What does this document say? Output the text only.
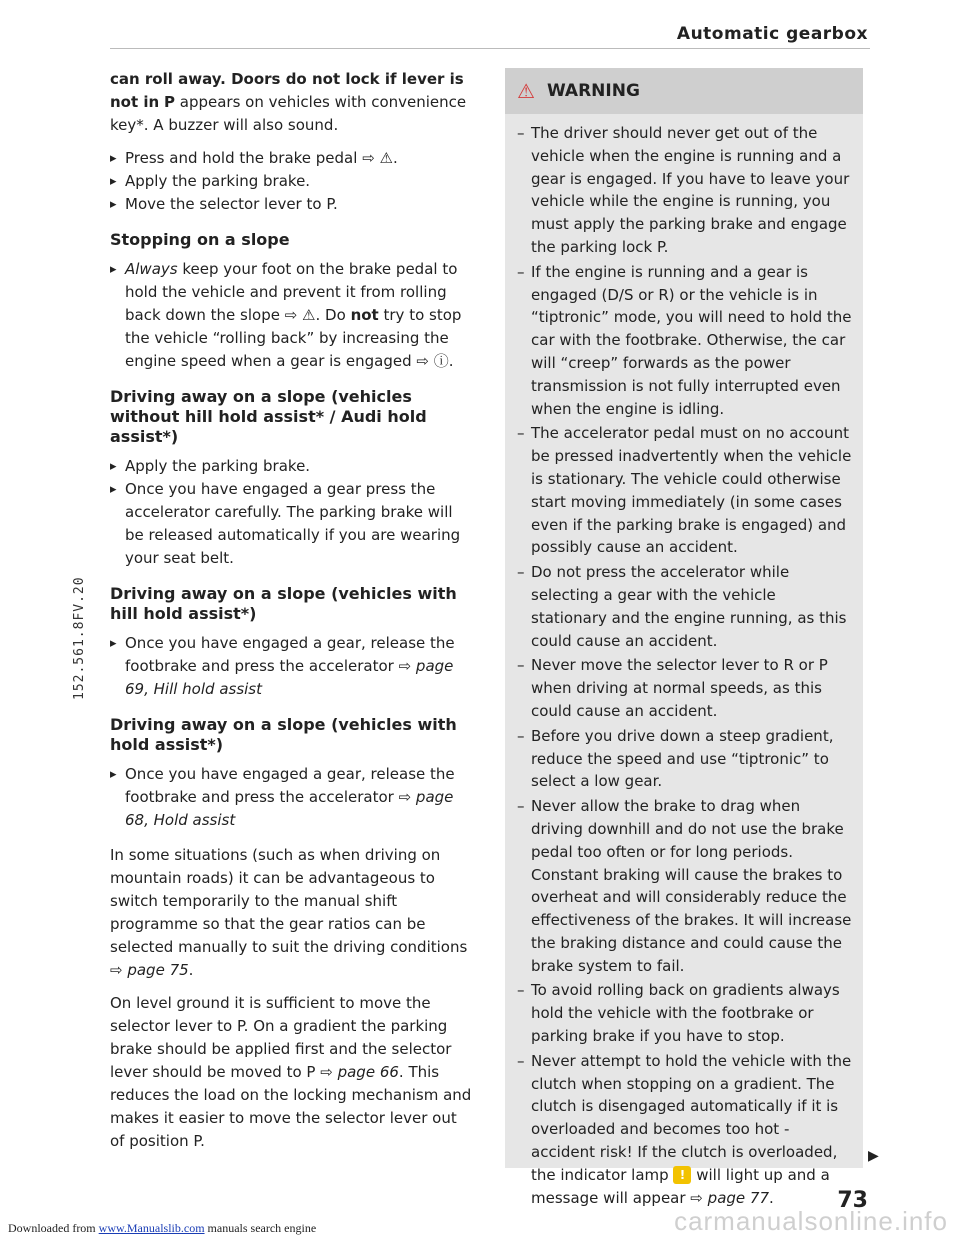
Automatic gearbox
152.561.8FV.20

can roll away. Doors do not lock if lever is not in P appears on vehicles with convenience key*. A buzzer will also sound.

▸ Press and hold the brake pedal ⇨ ⚠.
▸ Apply the parking brake.
▸ Move the selector lever to P.
Stopping on a slope
▸ Always keep your foot on the brake pedal to hold the vehicle and prevent it from rolling back down the slope ⇨ ⚠. Do not try to stop the vehicle “rolling back” by increasing the engine speed when a gear is engaged ⇨ ⓘ.
Driving away on a slope (vehicles without hill hold assist* / Audi hold assist*)
▸ Apply the parking brake.
▸ Once you have engaged a gear press the accelerator carefully. The parking brake will be released automatically if you are wearing your seat belt.
Driving away on a slope (vehicles with hill hold assist*)
▸ Once you have engaged a gear, release the footbrake and press the accelerator ⇨ page 69, Hill hold assist
Driving away on a slope (vehicles with hold assist*)
▸ Once you have engaged a gear, release the footbrake and press the accelerator ⇨ page 68, Hold assist

In some situations (such as when driving on mountain roads) it can be advantageous to switch temporarily to the manual shift programme so that the gear ratios can be selected manually to suit the driving conditions ⇨ page 75.

On level ground it is sufficient to move the selector lever to P. On a gradient the parking brake should be applied first and the selector lever should be moved to P ⇨ page 66. This reduces the load on the locking mechanism and makes it easier to move the selector lever out of position P.

⚠ WARNING
– The driver should never get out of the vehicle when the engine is running and a gear is engaged. If you have to leave your vehicle while the engine is running, you must apply the parking brake and engage the parking lock P.
– If the engine is running and a gear is engaged (D/S or R) or the vehicle is in “tiptronic” mode, you will need to hold the car with the footbrake. Otherwise, the car will “creep” forwards as the power transmission is not fully interrupted even when the engine is idling.
– The accelerator pedal must on no account be pressed inadvertently when the vehicle is stationary. The vehicle could otherwise start moving immediately (in some cases even if the parking brake is engaged) and possibly cause an accident.
– Do not press the accelerator while selecting a gear with the vehicle stationary and the engine running, as this could cause an accident.
– Never move the selector lever to R or P when driving at normal speeds, as this could cause an accident.
– Before you drive down a steep gradient, reduce the speed and use “tiptronic” to select a low gear.
– Never allow the brake to drag when driving downhill and do not use the brake pedal too often or for long periods. Constant braking will cause the brakes to overheat and will considerably reduce the effectiveness of the brakes. It will increase the braking distance and could cause the brake system to fail.
– To avoid rolling back on gradients always hold the vehicle with the footbrake or parking brake if you have to stop.
– Never attempt to hold the vehicle with the clutch when stopping on a gradient. The clutch is disengaged automatically if it is overloaded and becomes too hot - accident risk! If the clutch is overloaded, the indicator lamp ! will light up and a message will appear ⇨ page 77.
▶
73
carmanualsonline.info
Downloaded from www.Manualslib.com manuals search engine
